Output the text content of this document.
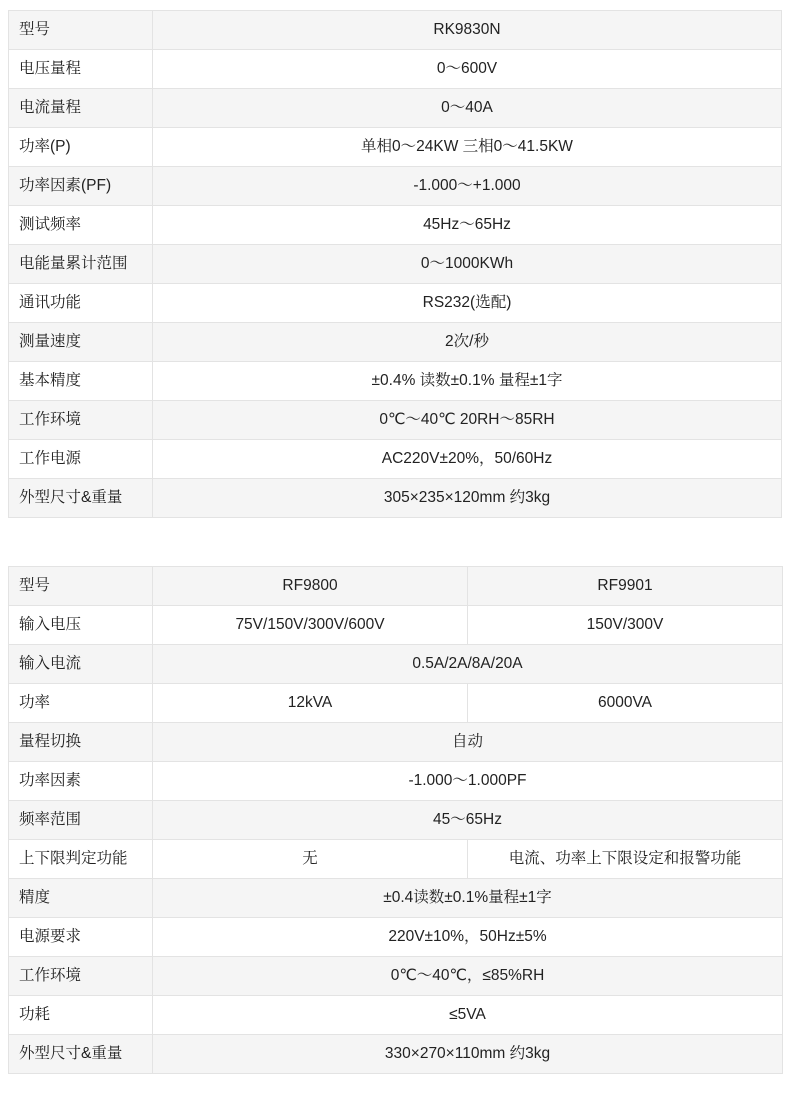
型号	RK9830N
电压量程	0～600V
电流量程	0～40A
功率(P)	单相0～24KW 三相0～41.5KW
功率因素(PF)	-1.000～+1.000
测试频率	45Hz～65Hz
电能量累计范围	0～1000KWh
通讯功能	RS232(选配)
测量速度	2次/秒
基本精度	±0.4% 读数±0.1% 量程±1字
工作环境	0℃～40℃ 20RH～85RH
工作电源	AC220V±20%，50/60Hz
外型尺寸&重量	305×235×120mm 约3kg
型号	RF9800	RF9901
输入电压	75V/150V/300V/600V	150V/300V
输入电流	0.5A/2A/8A/20A	
功率	12kVA	6000VA
量程切换	自动	
功率因素	-1.000～1.000PF	
频率范围	45～65Hz	
上下限判定功能	无	电流、功率上下限设定和报警功能
精度	±0.4读数±0.1%量程±1字	
电源要求	220V±10%，50Hz±5%	
工作环境	0℃～40℃，≤85%RH	
功耗	≤5VA	
外型尺寸&重量	330×270×110mm 约3kg	
